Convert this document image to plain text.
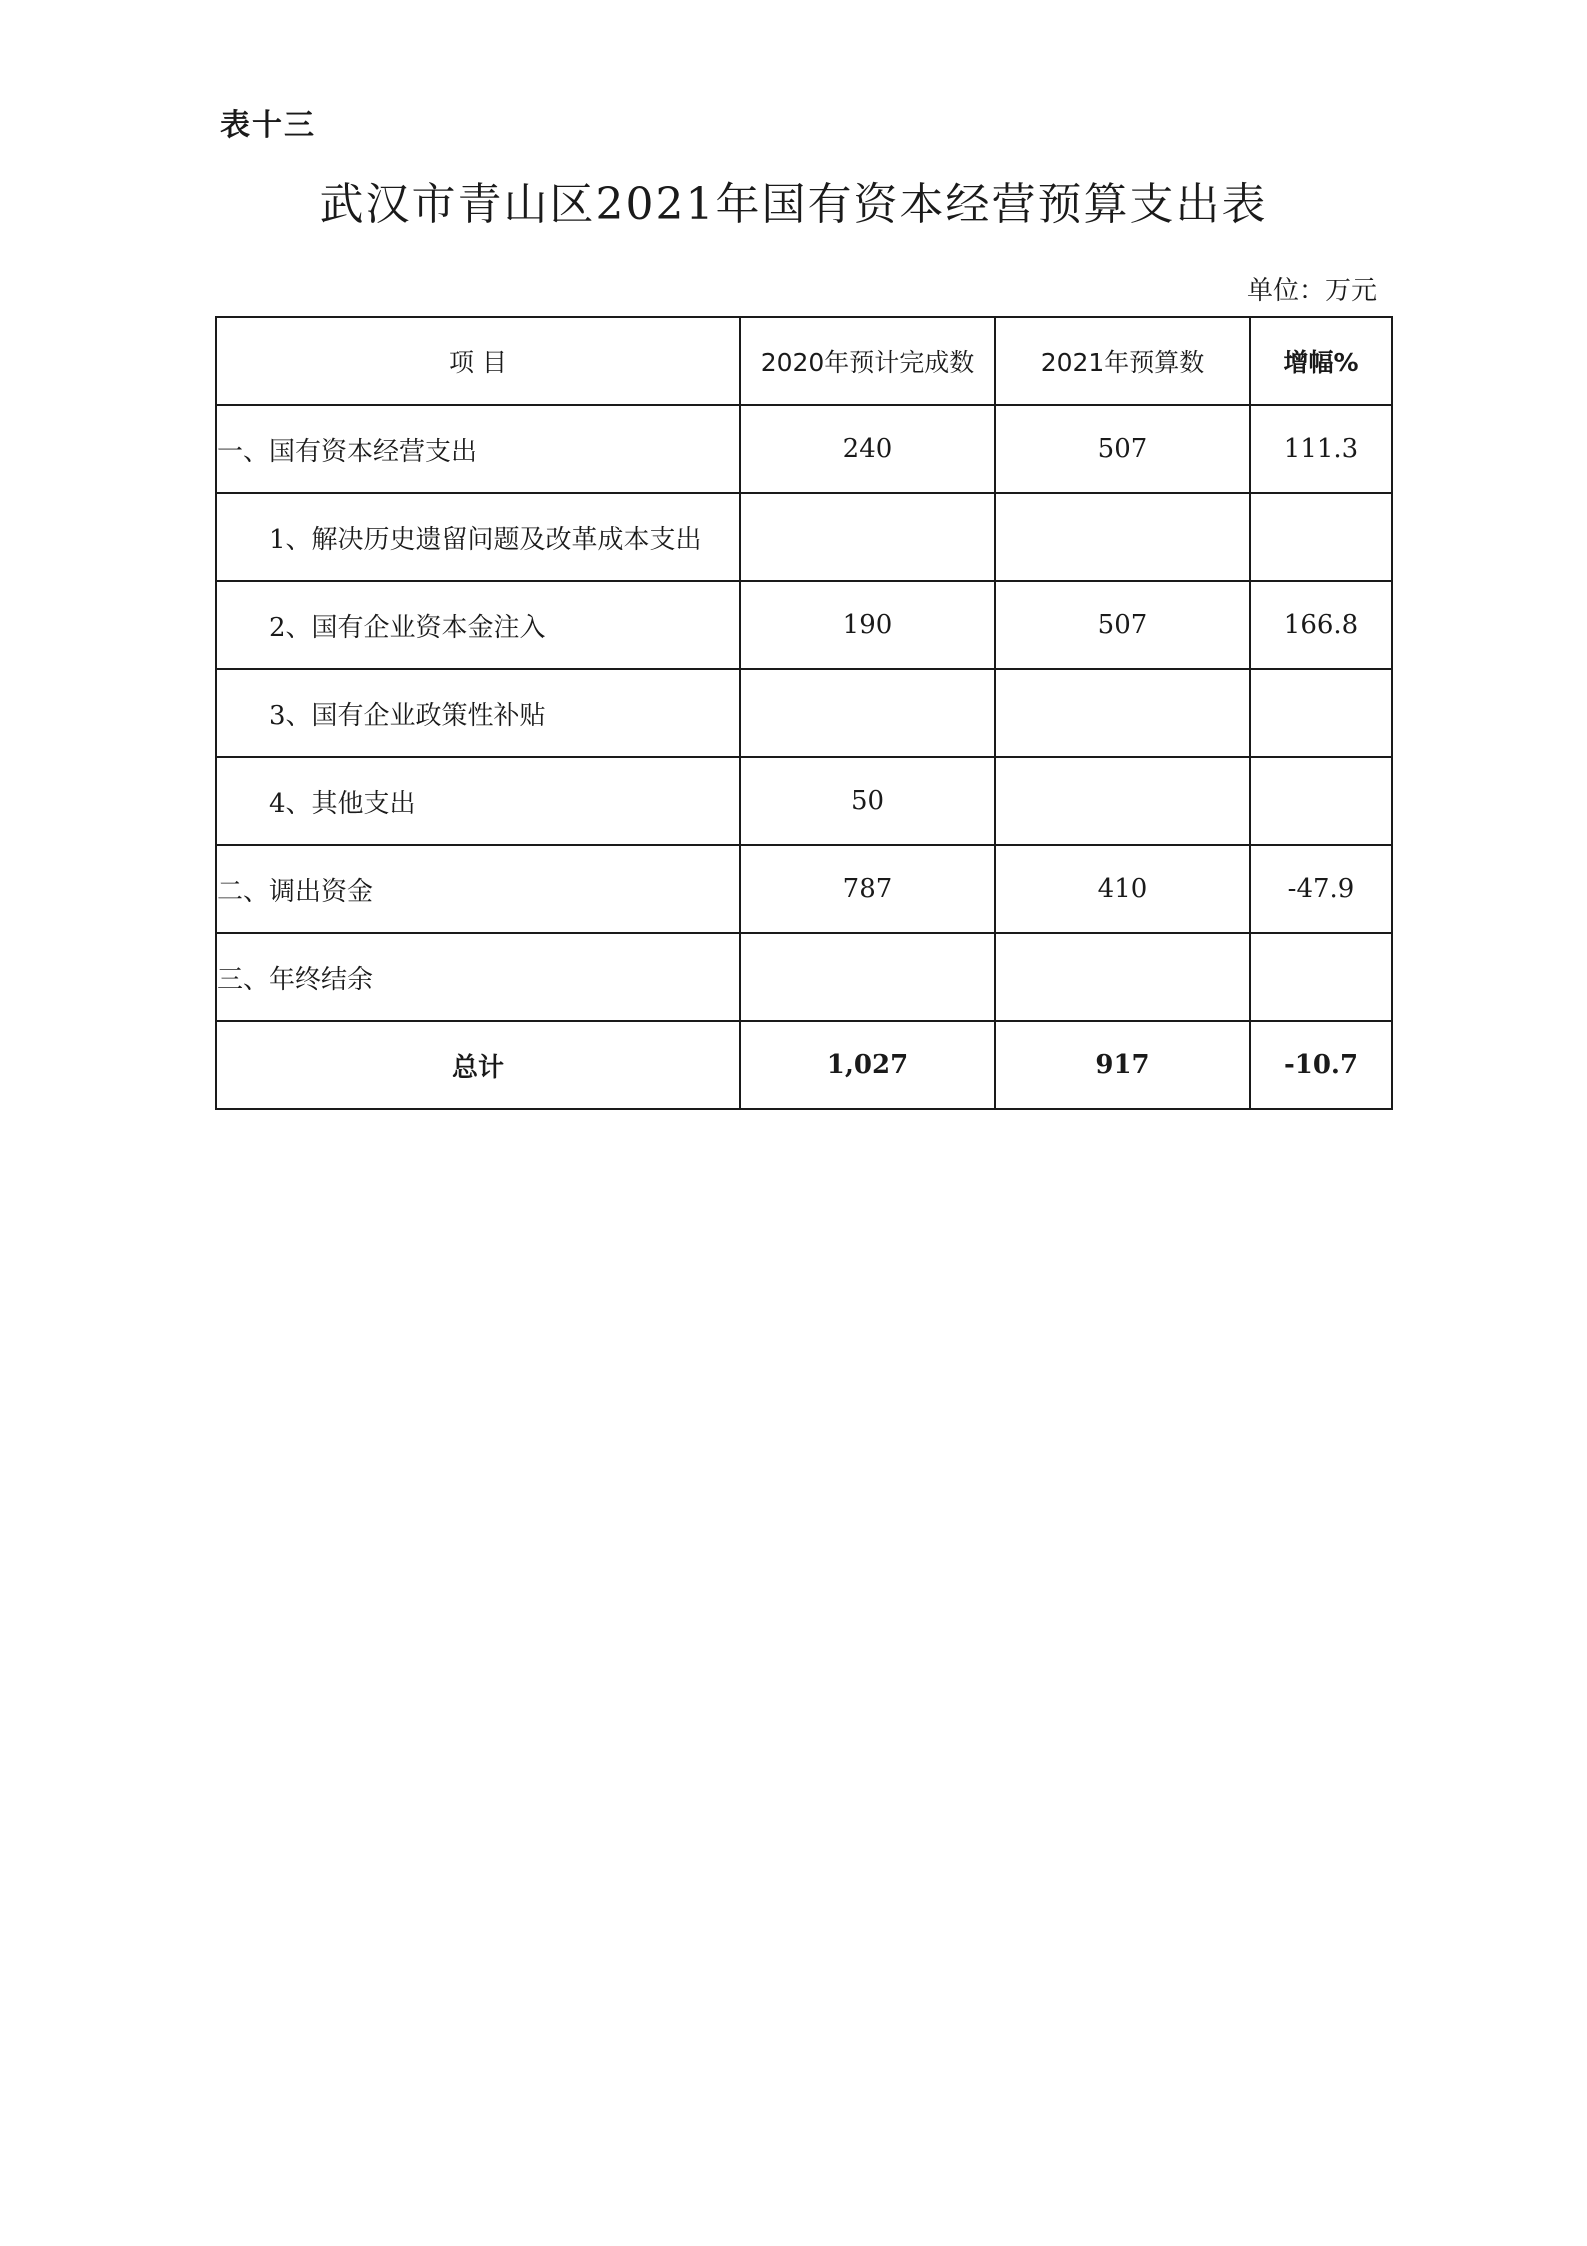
表十三
武汉市青山区2021年国有资本经营预算支出表
单位：万元
项 目	2020年预计完成数	2021年预算数	增幅%
一、国有资本经营支出	240	507	111.3
1、解决历史遗留问题及改革成本支出			
2、国有企业资本金注入	190	507	166.8
3、国有企业政策性补贴			
4、其他支出	50		
二、调出资金	787	410	-47.9
三、年终结余			
总计	1,027	917	-10.7
